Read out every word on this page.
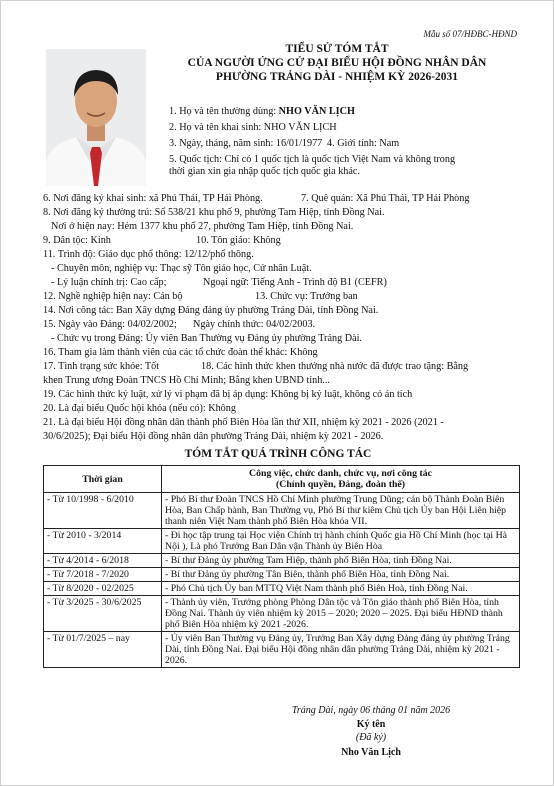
Mẫu số 07/HĐBC-HĐND
TIỂU SỬ TÓM TẮT
CỦA NGƯỜI ỨNG CỬ ĐẠI BIỂU HỘI ĐỒNG NHÂN DÂN
PHƯỜNG TRẢNG DÀI - NHIỆM KỲ 2026-2031
1. Họ và tên thường dùng: NHO VĂN LỊCH
2. Họ và tên khai sinh: NHO VĂN LỊCH
3. Ngày, tháng, năm sinh: 16/01/1977 4. Giới tính: Nam
5. Quốc tịch: Chỉ có 1 quốc tịch là quốc tịch Việt Nam và không trong
thời gian xin gia nhập quốc tịch quốc gia khác.
6. Nơi đăng ký khai sinh: xã Phú Thái, TP Hải Phòng.	7. Quê quán: Xã Phú Thái, TP Hải Phòng
8. Nơi đăng ký thường trú: Số 538/21 khu phố 9, phường Tam Hiệp, tỉnh Đồng Nai.
Nơi ở hiện nay: Hẻm 1377 khu phố 27, phường Tam Hiệp, tỉnh Đồng Nai.
9. Dân tộc: Kinh	10. Tôn giáo: Không
11. Trình độ: Giáo dục phổ thông: 12/12/phổ thông.
- Chuyên môn, nghiệp vụ: Thạc sỹ Tôn giáo học, Cử nhân Luật.
- Lý luận chính trị: Cao cấp;	Ngoại ngữ: Tiếng Anh - Trình độ B1 (CEFR)
12. Nghề nghiệp hiện nay: Cán bộ	13. Chức vụ: Trưởng ban
14. Nơi công tác: Ban Xây dựng Đảng đảng ủy phường Trảng Dài, tỉnh Đồng Nai.
15. Ngày vào Đảng: 04/02/2002; Ngày chính thức: 04/02/2003.
- Chức vụ trong Đảng: Ủy viên Ban Thường vụ Đảng ủy phường Trảng Dài.
16. Tham gia làm thành viên của các tổ chức đoàn thể khác: Không
17. Tình trạng sức khỏe: Tốt	18. Các hình thức khen thưởng nhà nước đã được trao tặng: Bằng
khen Trung ương Đoàn TNCS Hồ Chí Minh; Bằng khen UBND tỉnh...
19. Các hình thức kỷ luật, xử lý vi phạm đã bị áp dụng: Không bị kỷ luật, không có án tích
20. Là đại biểu Quốc hội khóa (nếu có): Không
21. Là đại biểu Hội đồng nhân dân thành phố Biên Hòa lần thứ XII, nhiệm kỳ 2021 - 2026 (2021 -
30/6/2025); Đại biểu Hội đồng nhân dân phường Trảng Dài, nhiệm kỳ 2021 - 2026.
TÓM TẮT QUÁ TRÌNH CÔNG TÁC
Thời gian	Công việc, chức danh, chức vụ, nơi công tác
(Chính quyền, Đảng, đoàn thể)

- Từ 10/1998 - 6/2010	- Phó Bí thư Đoàn TNCS Hồ Chí Minh phường Trung Dũng; cán bộ Thành Đoàn Biên Hòa, Ban Chấp hành, Ban Thường vụ, Phó Bí thư kiêm Chủ tịch Ủy ban Hội Liên hiệp thanh niên Việt Nam thành phố Biên Hòa khóa VII.
- Từ 2010 - 3/2014	- Đi học tập trung tại Học viện Chính trị hành chính Quốc gia Hồ Chí Minh (học tại Hà Nội ), Là phó Trưởng Ban Dân vận Thành ủy Biên Hòa
- Từ 4/2014 - 6/2018	- Bí thư Đảng ủy phường Tam Hiệp, thành phố Biên Hòa, tỉnh Đồng Nai.
- Từ 7/2018 - 7/2020	- Bí thư Đảng ủy phường Tân Biên, thành phố Biên Hòa, tỉnh Đồng Nai.
- Từ 8/2020 - 02/2025	- Phó Chủ tịch Ủy ban MTTQ Việt Nam thành phố Biên Hoà, tỉnh Đồng Nai.
- Từ 3/2025 - 30/6/2025	- Thành ủy viên, Trưởng phòng Phòng Dân tộc và Tôn giáo thành phố Biên Hòa, tỉnh Đồng Nai. Thành ủy viên nhiệm kỳ 2015 – 2020; 2020 – 2025. Đại biểu HĐND thành phố Biên Hòa nhiệm kỳ 2021 -2026.
- Từ 01/7/2025 – nay	- Ủy viên Ban Thường vụ Đảng ủy, Trưởng Ban Xây dựng Đảng đảng ủy phường Trảng Dài, tỉnh Đồng Nai. Đại biểu Hội đồng nhân dân phường Trảng Dài, nhiệm kỳ 2021 - 2026.
Trảng Dài, ngày 06 tháng 01 năm 2026
Ký tên
(Đã ký)
Nho Văn Lịch
